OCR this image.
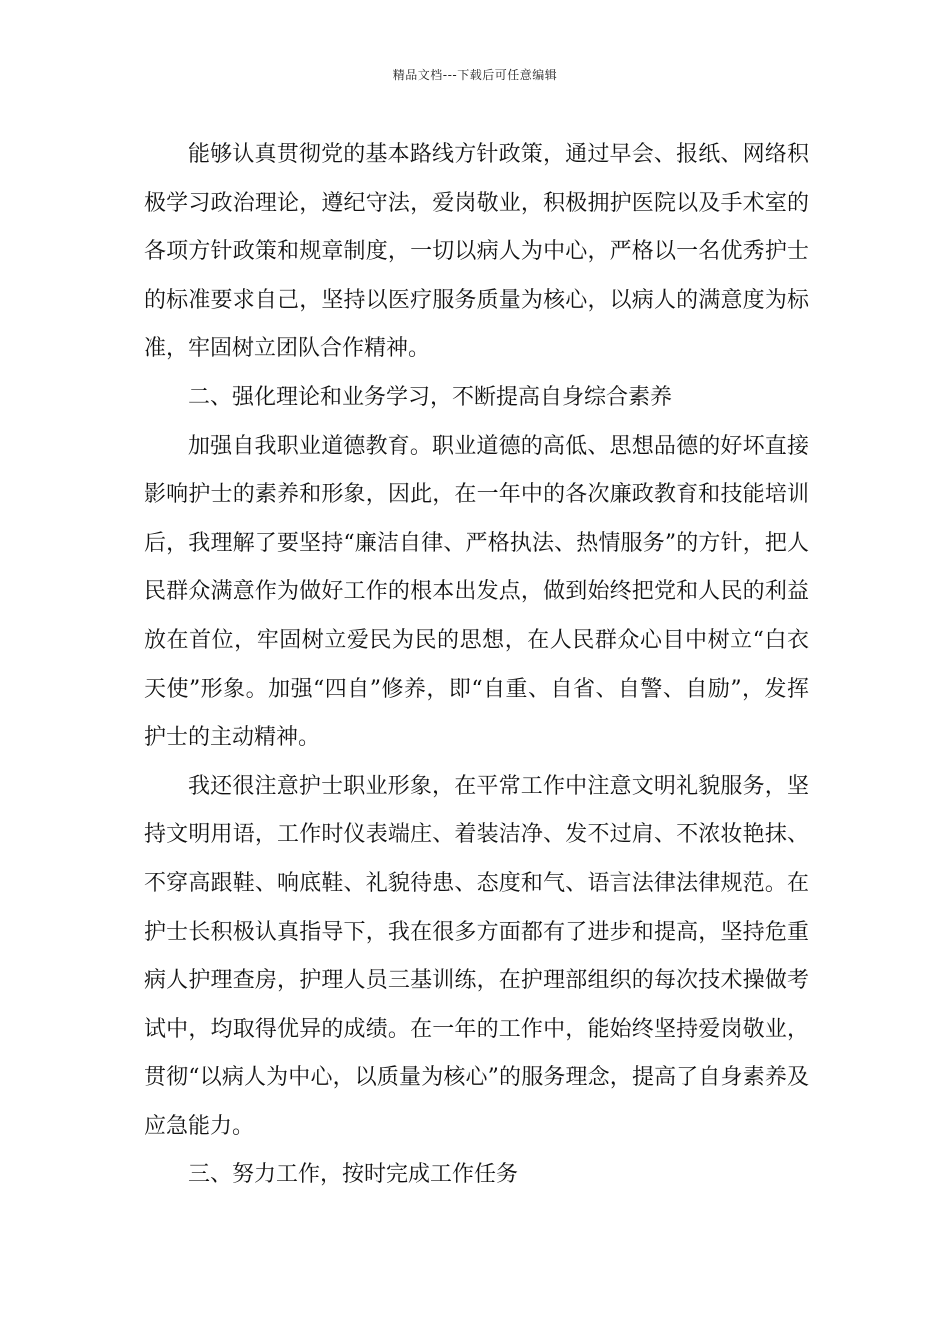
精品文档---下载后可任意编辑

能够认真贯彻党的基本路线方针政策，通过早会、报纸、网络积极学习政治理论，遵纪守法，爱岗敬业，积极拥护医院以及手术室的各项方针政策和规章制度，一切以病人为中心，严格以一名优秀护士的标准要求自己，坚持以医疗服务质量为核心，以病人的满意度为标准，牢固树立团队合作精神。

二、强化理论和业务学习，不断提高自身综合素养

加强自我职业道德教育。职业道德的高低、思想品德的好坏直接影响护士的素养和形象，因此，在一年中的各次廉政教育和技能培训后，我理解了要坚持“廉洁自律、严格执法、热情服务”的方针，把人民群众满意作为做好工作的根本出发点，做到始终把党和人民的利益放在首位，牢固树立爱民为民的思想，在人民群众心目中树立“白衣天使”形象。加强“四自”修养，即“自重、自省、自警、自励”，发挥护士的主动精神。

我还很注意护士职业形象，在平常工作中注意文明礼貌服务，坚持文明用语，工作时仪表端庄、着装洁净、发不过肩、不浓妆艳抹、不穿高跟鞋、响底鞋、礼貌待患、态度和气、语言法律法律规范。在护士长积极认真指导下，我在很多方面都有了进步和提高，坚持危重病人护理查房，护理人员三基训练，在护理部组织的每次技术操做考试中，均取得优异的成绩。在一年的工作中，能始终坚持爱岗敬业，贯彻“以病人为中心，以质量为核心”的服务理念，提高了自身素养及应急能力。

三、努力工作，按时完成工作任务
